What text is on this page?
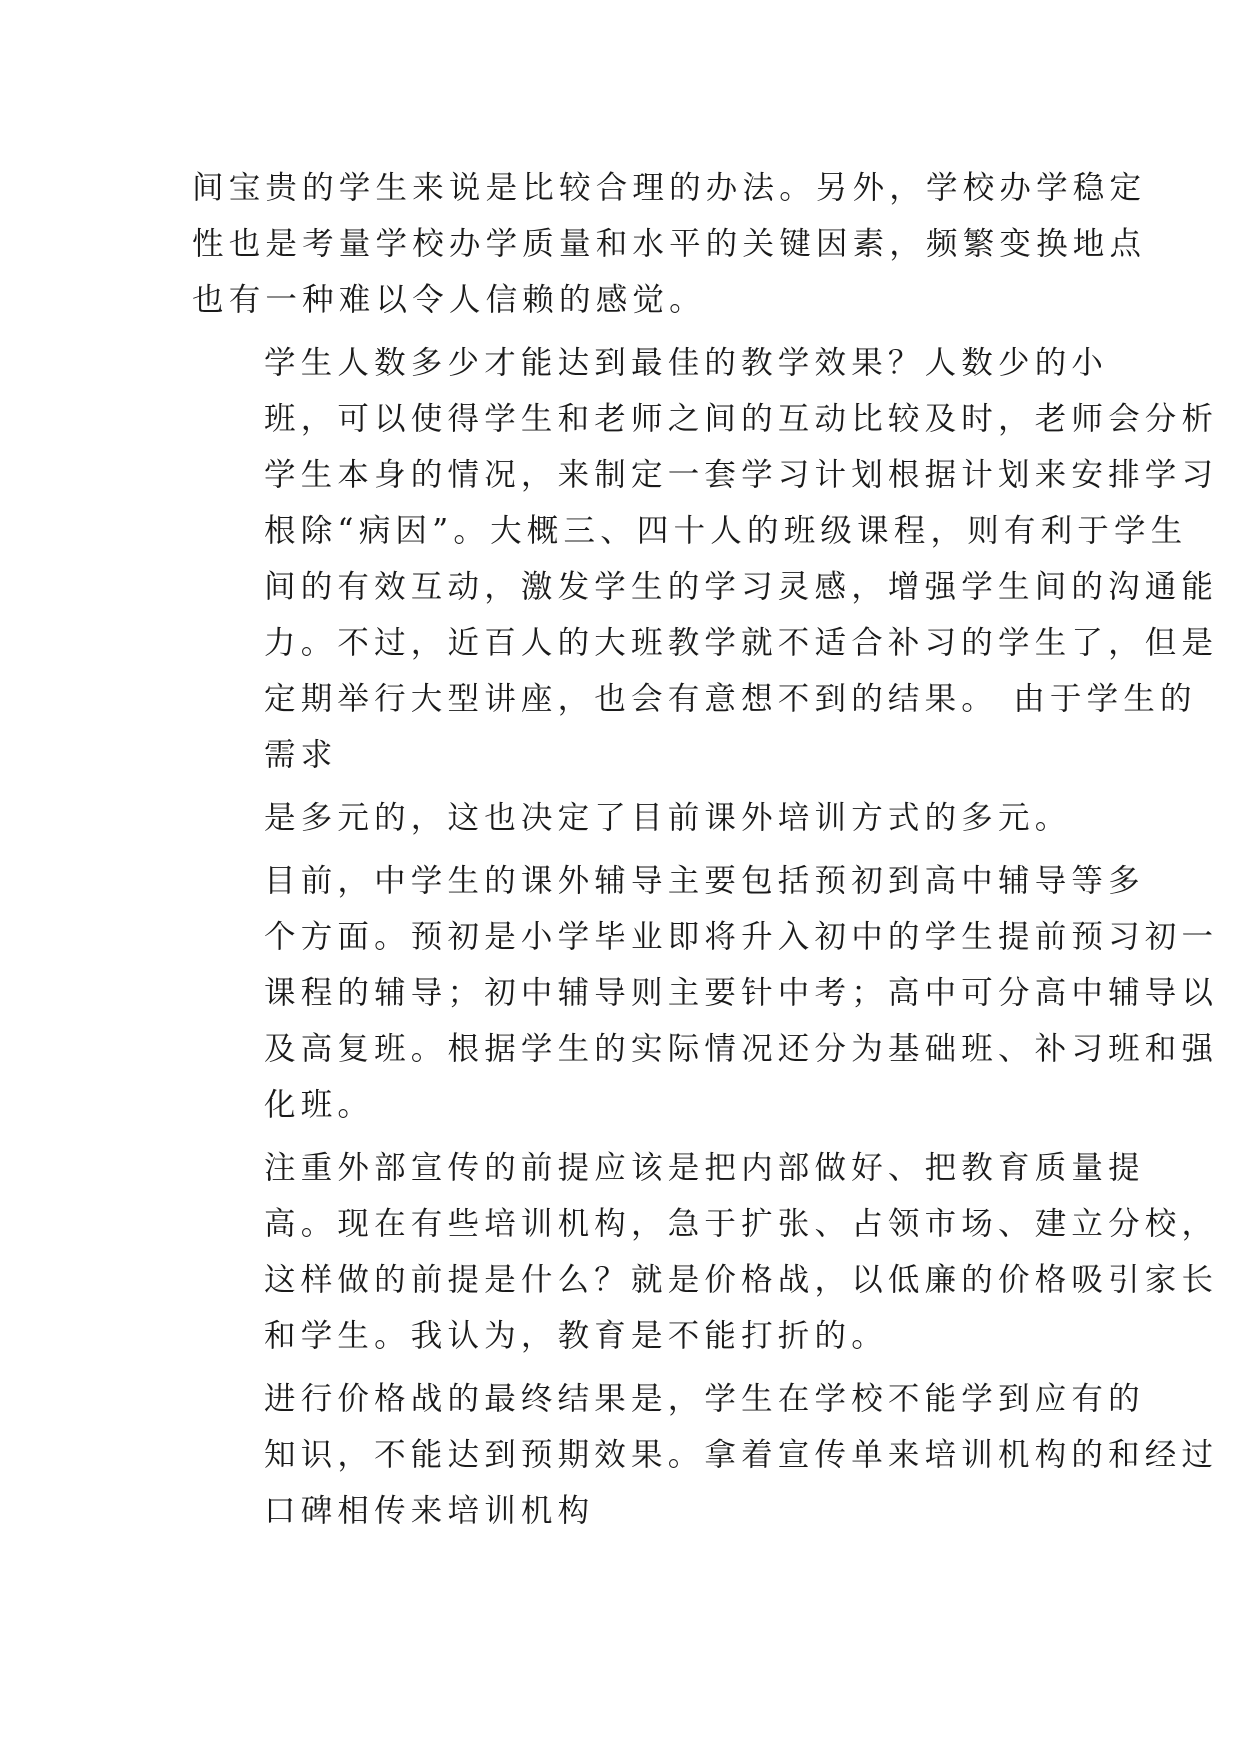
间宝贵的学生来说是比较合理的办法。另外，学校办学稳定
性也是考量学校办学质量和水平的关键因素，频繁变换地点
也有一种难以令人信赖的感觉。

学生人数多少才能达到最佳的教学效果？人数少的小
班，可以使得学生和老师之间的互动比较及时，老师会分析
学生本身的情况，来制定一套学习计划根据计划来安排学习
根除“病因”。大概三、四十人的班级课程，则有利于学生
间的有效互动，激发学生的学习灵感，增强学生间的沟通能
力。不过，近百人的大班教学就不适合补习的学生了，但是
定期举行大型讲座，也会有意想不到的结果。 由于学生的
需求

是多元的，这也决定了目前课外培训方式的多元。

目前，中学生的课外辅导主要包括预初到高中辅导等多
个方面。预初是小学毕业即将升入初中的学生提前预习初一
课程的辅导；初中辅导则主要针中考；高中可分高中辅导以
及高复班。根据学生的实际情况还分为基础班、补习班和强
化班。

注重外部宣传的前提应该是把内部做好、把教育质量提
高。现在有些培训机构，急于扩张、占领市场、建立分校，
这样做的前提是什么？就是价格战，以低廉的价格吸引家长
和学生。我认为，教育是不能打折的。

进行价格战的最终结果是，学生在学校不能学到应有的
知识，不能达到预期效果。拿着宣传单来培训机构的和经过
口碑相传来培训机构
